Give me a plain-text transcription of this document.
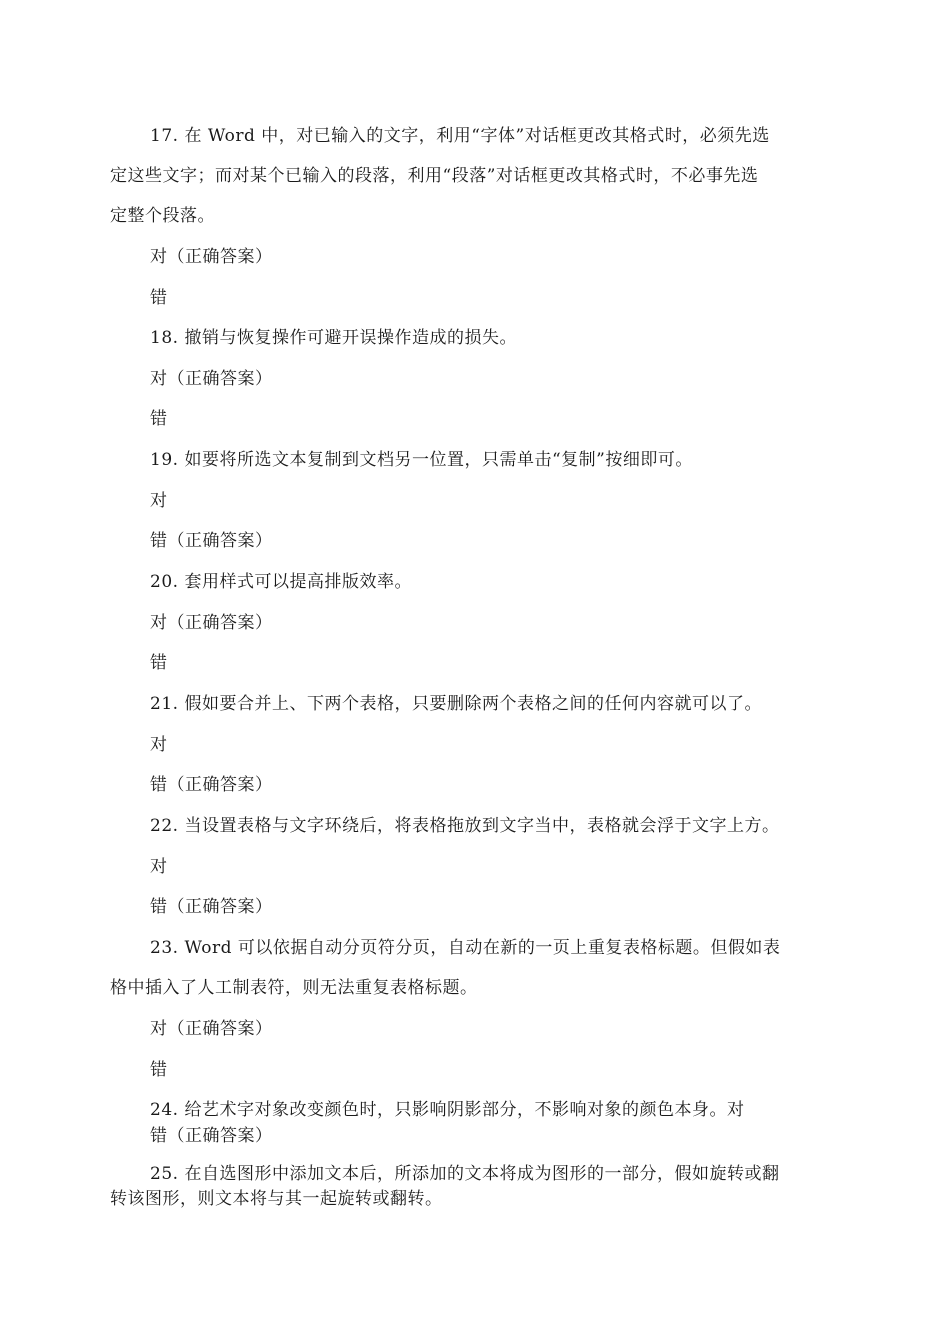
17. 在 Word 中，对已输入的文字，利用“字体”对话框更改其格式时，必须先选
定这些文字；而对某个已输入的段落，利用“段落”对话框更改其格式时，不必事先选
定整个段落。
对（正确答案）
错
18. 撤销与恢复操作可避开误操作造成的损失。
对（正确答案）
错
19. 如要将所选文本复制到文档另一位置，只需单击“复制”按细即可。
对
错（正确答案）
20. 套用样式可以提高排版效率。
对（正确答案）
错
21. 假如要合并上、下两个表格，只要删除两个表格之间的任何内容就可以了。
对
错（正确答案）
22. 当设置表格与文字环绕后，将表格拖放到文字当中，表格就会浮于文字上方。
对
错（正确答案）
23. Word 可以依据自动分页符分页，自动在新的一页上重复表格标题。但假如表
格中插入了人工制表符，则无法重复表格标题。
对（正确答案）
错
24. 给艺术字对象改变颜色时，只影响阴影部分，不影响对象的颜色本身。对
错（正确答案）
25. 在自选图形中添加文本后，所添加的文本将成为图形的一部分，假如旋转或翻
转该图形，则文本将与其一起旋转或翻转。
